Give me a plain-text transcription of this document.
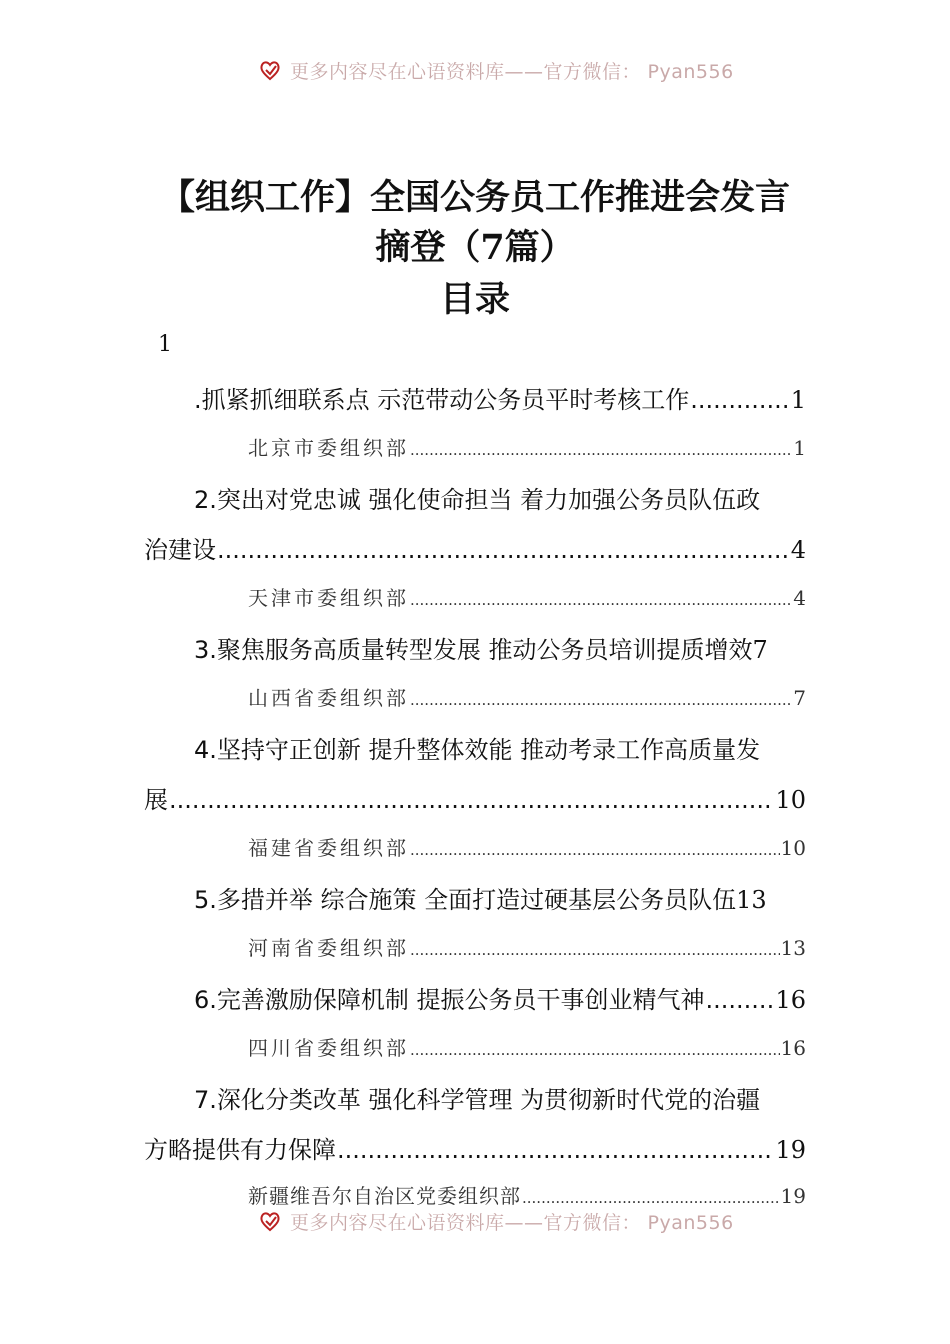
更多内容尽在心语资料库——官方微信： Pyan556
【组织工作】全国公务员工作推进会发言
摘登（7篇）
目录
1
.抓紧抓细联系点 示范带动公务员平时考核工作 .....	1
北京市委组织部 .....	1
2.突出对党忠诚 强化使命担当 着力加强公务员队伍政
治建设 .....	4
天津市委组织部 .....	4
3.聚焦服务高质量转型发展 推动公务员培训提质增效 7
山西省委组织部 .....	7
4.坚持守正创新 提升整体效能 推动考录工作高质量发
展 .....	10
福建省委组织部 .....	10
5.多措并举 综合施策 全面打造过硬基层公务员队伍 13
河南省委组织部 .....	13
6.完善激励保障机制 提振公务员干事创业精气神 .....	16
四川省委组织部 .....	16
7.深化分类改革 强化科学管理 为贯彻新时代党的治疆
方略提供有力保障 .....	19
新疆维吾尔自治区党委组织部 .....	19
更多内容尽在心语资料库——官方微信： Pyan556
